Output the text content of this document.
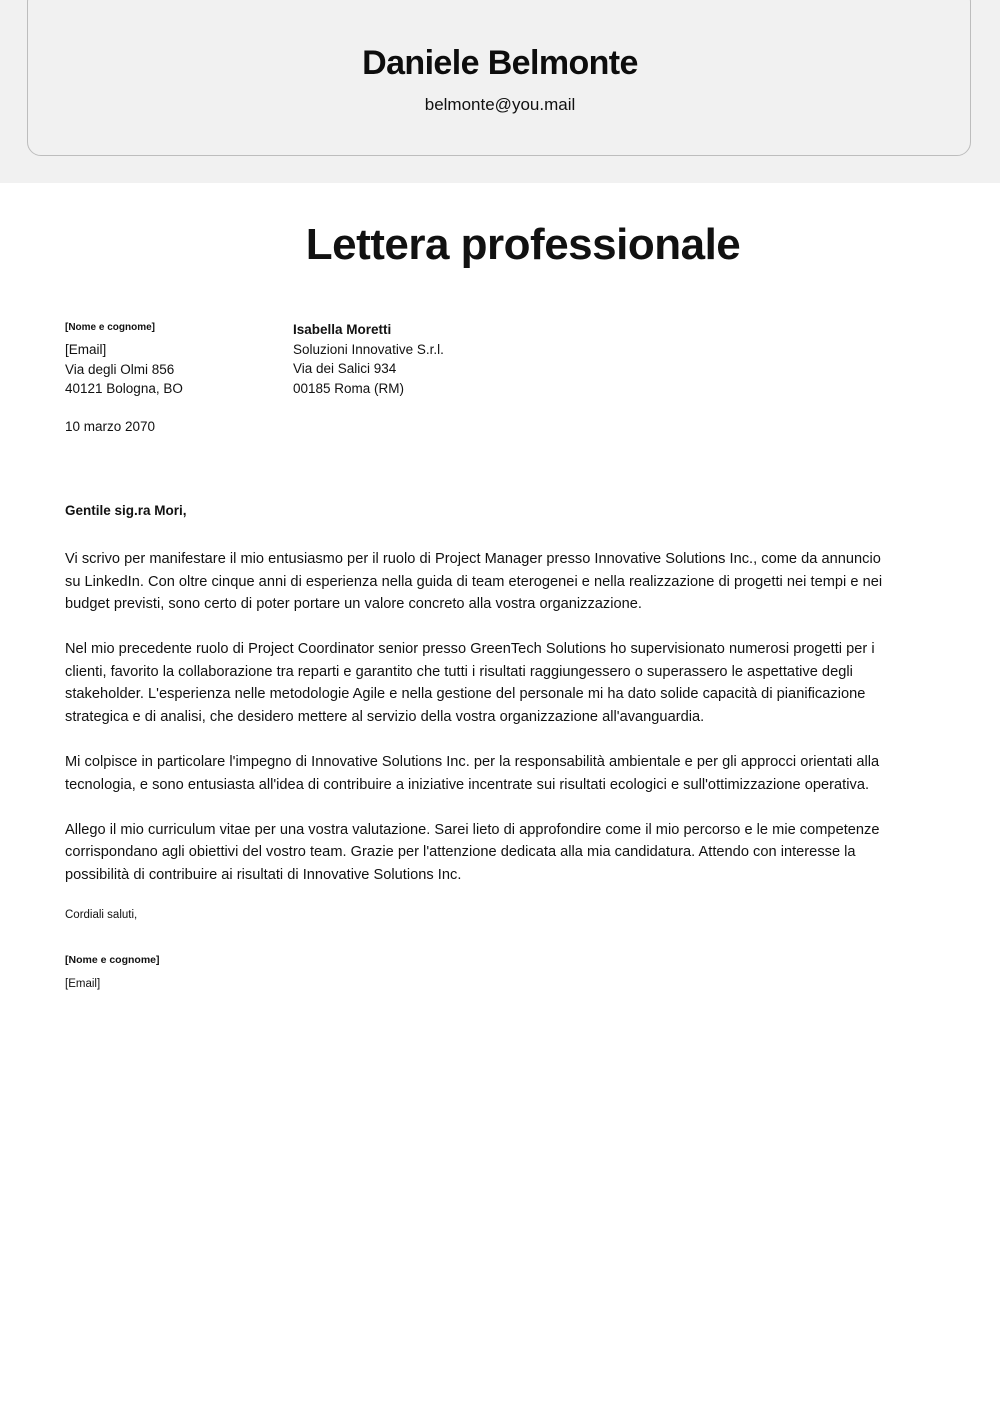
Daniele Belmonte
belmonte@you.mail
Lettera professionale
[Nome e cognome]
[Email]
Via degli Olmi 856
40121 Bologna, BO
Isabella Moretti
Soluzioni Innovative S.r.l.
Via dei Salici 934
00185 Roma (RM)
10 marzo 2070
Gentile sig.ra Mori,

Vi scrivo per manifestare il mio entusiasmo per il ruolo di Project Manager presso Innovative Solutions Inc., come da annuncio
su LinkedIn. Con oltre cinque anni di esperienza nella guida di team eterogenei e nella realizzazione di progetti nei tempi e nei
budget previsti, sono certo di poter portare un valore concreto alla vostra organizzazione.

Nel mio precedente ruolo di Project Coordinator senior presso GreenTech Solutions ho supervisionato numerosi progetti per i
clienti, favorito la collaborazione tra reparti e garantito che tutti i risultati raggiungessero o superassero le aspettative degli
stakeholder. L'esperienza nelle metodologie Agile e nella gestione del personale mi ha dato solide capacità di pianificazione
strategica e di analisi, che desidero mettere al servizio della vostra organizzazione all'avanguardia.

Mi colpisce in particolare l'impegno di Innovative Solutions Inc. per la responsabilità ambientale e per gli approcci orientati alla
tecnologia, e sono entusiasta all'idea di contribuire a iniziative incentrate sui risultati ecologici e sull'ottimizzazione operativa.

Allego il mio curriculum vitae per una vostra valutazione. Sarei lieto di approfondire come il mio percorso e le mie competenze
corrispondano agli obiettivi del vostro team. Grazie per l'attenzione dedicata alla mia candidatura. Attendo con interesse la
possibilità di contribuire ai risultati di Innovative Solutions Inc.

Cordiali saluti,
[Nome e cognome]
[Email]
